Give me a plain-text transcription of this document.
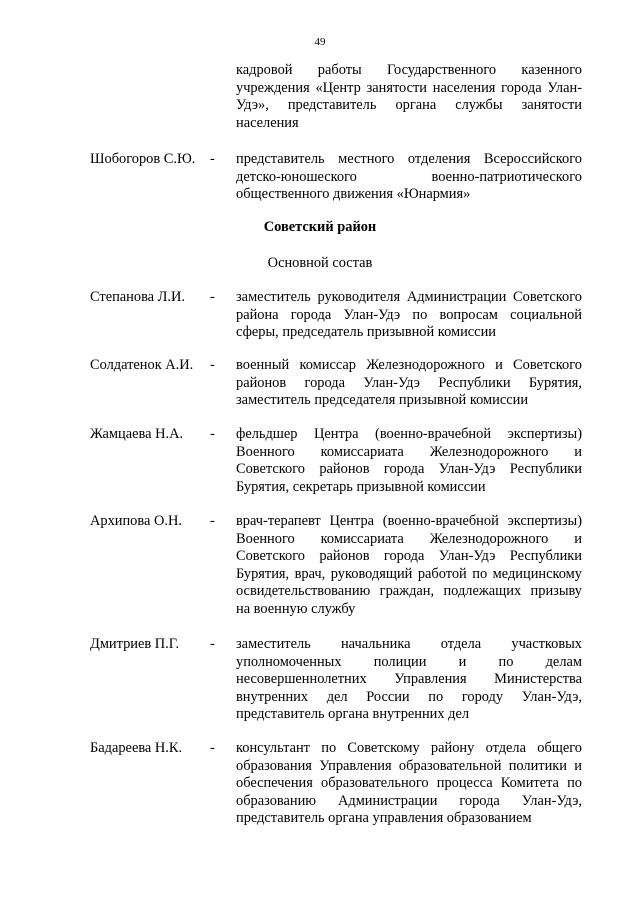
49
кадровой работы Государственного казенного учреждения «Центр занятости населения города Улан-Удэ», представитель органа службы занятости населения
Шобогоров С.Ю. - представитель местного отделения Всероссийского детско-юношеского военно-патриотического общественного движения «Юнармия»
Советский район
Основной состав
Степанова Л.И. - заместитель руководителя Администрации Советского района города Улан-Удэ по вопросам социальной сферы, председатель призывной комиссии
Солдатенок А.И. - военный комиссар Железнодорожного и Советского районов города Улан-Удэ Республики Бурятия, заместитель председателя призывной комиссии
Жамцаева Н.А. - фельдшер Центра (военно-врачебной экспертизы) Военного комиссариата Железнодорожного и Советского районов города Улан-Удэ Республики Бурятия, секретарь призывной комиссии
Архипова О.Н. - врач-терапевт Центра (военно-врачебной экспертизы) Военного комиссариата Железнодорожного и Советского районов города Улан-Удэ Республики Бурятия, врач, руководящий работой по медицинскому освидетельствованию граждан, подлежащих призыву на военную службу
Дмитриев П.Г. - заместитель начальника отдела участковых уполномоченных полиции и по делам несовершеннолетних Управления Министерства внутренних дел России по городу Улан-Удэ, представитель органа внутренних дел
Бадареева Н.К. - консультант по Советскому району отдела общего образования Управления образовательной политики и обеспечения образовательного процесса Комитета по образованию Администрации города Улан-Удэ, представитель органа управления образованием
